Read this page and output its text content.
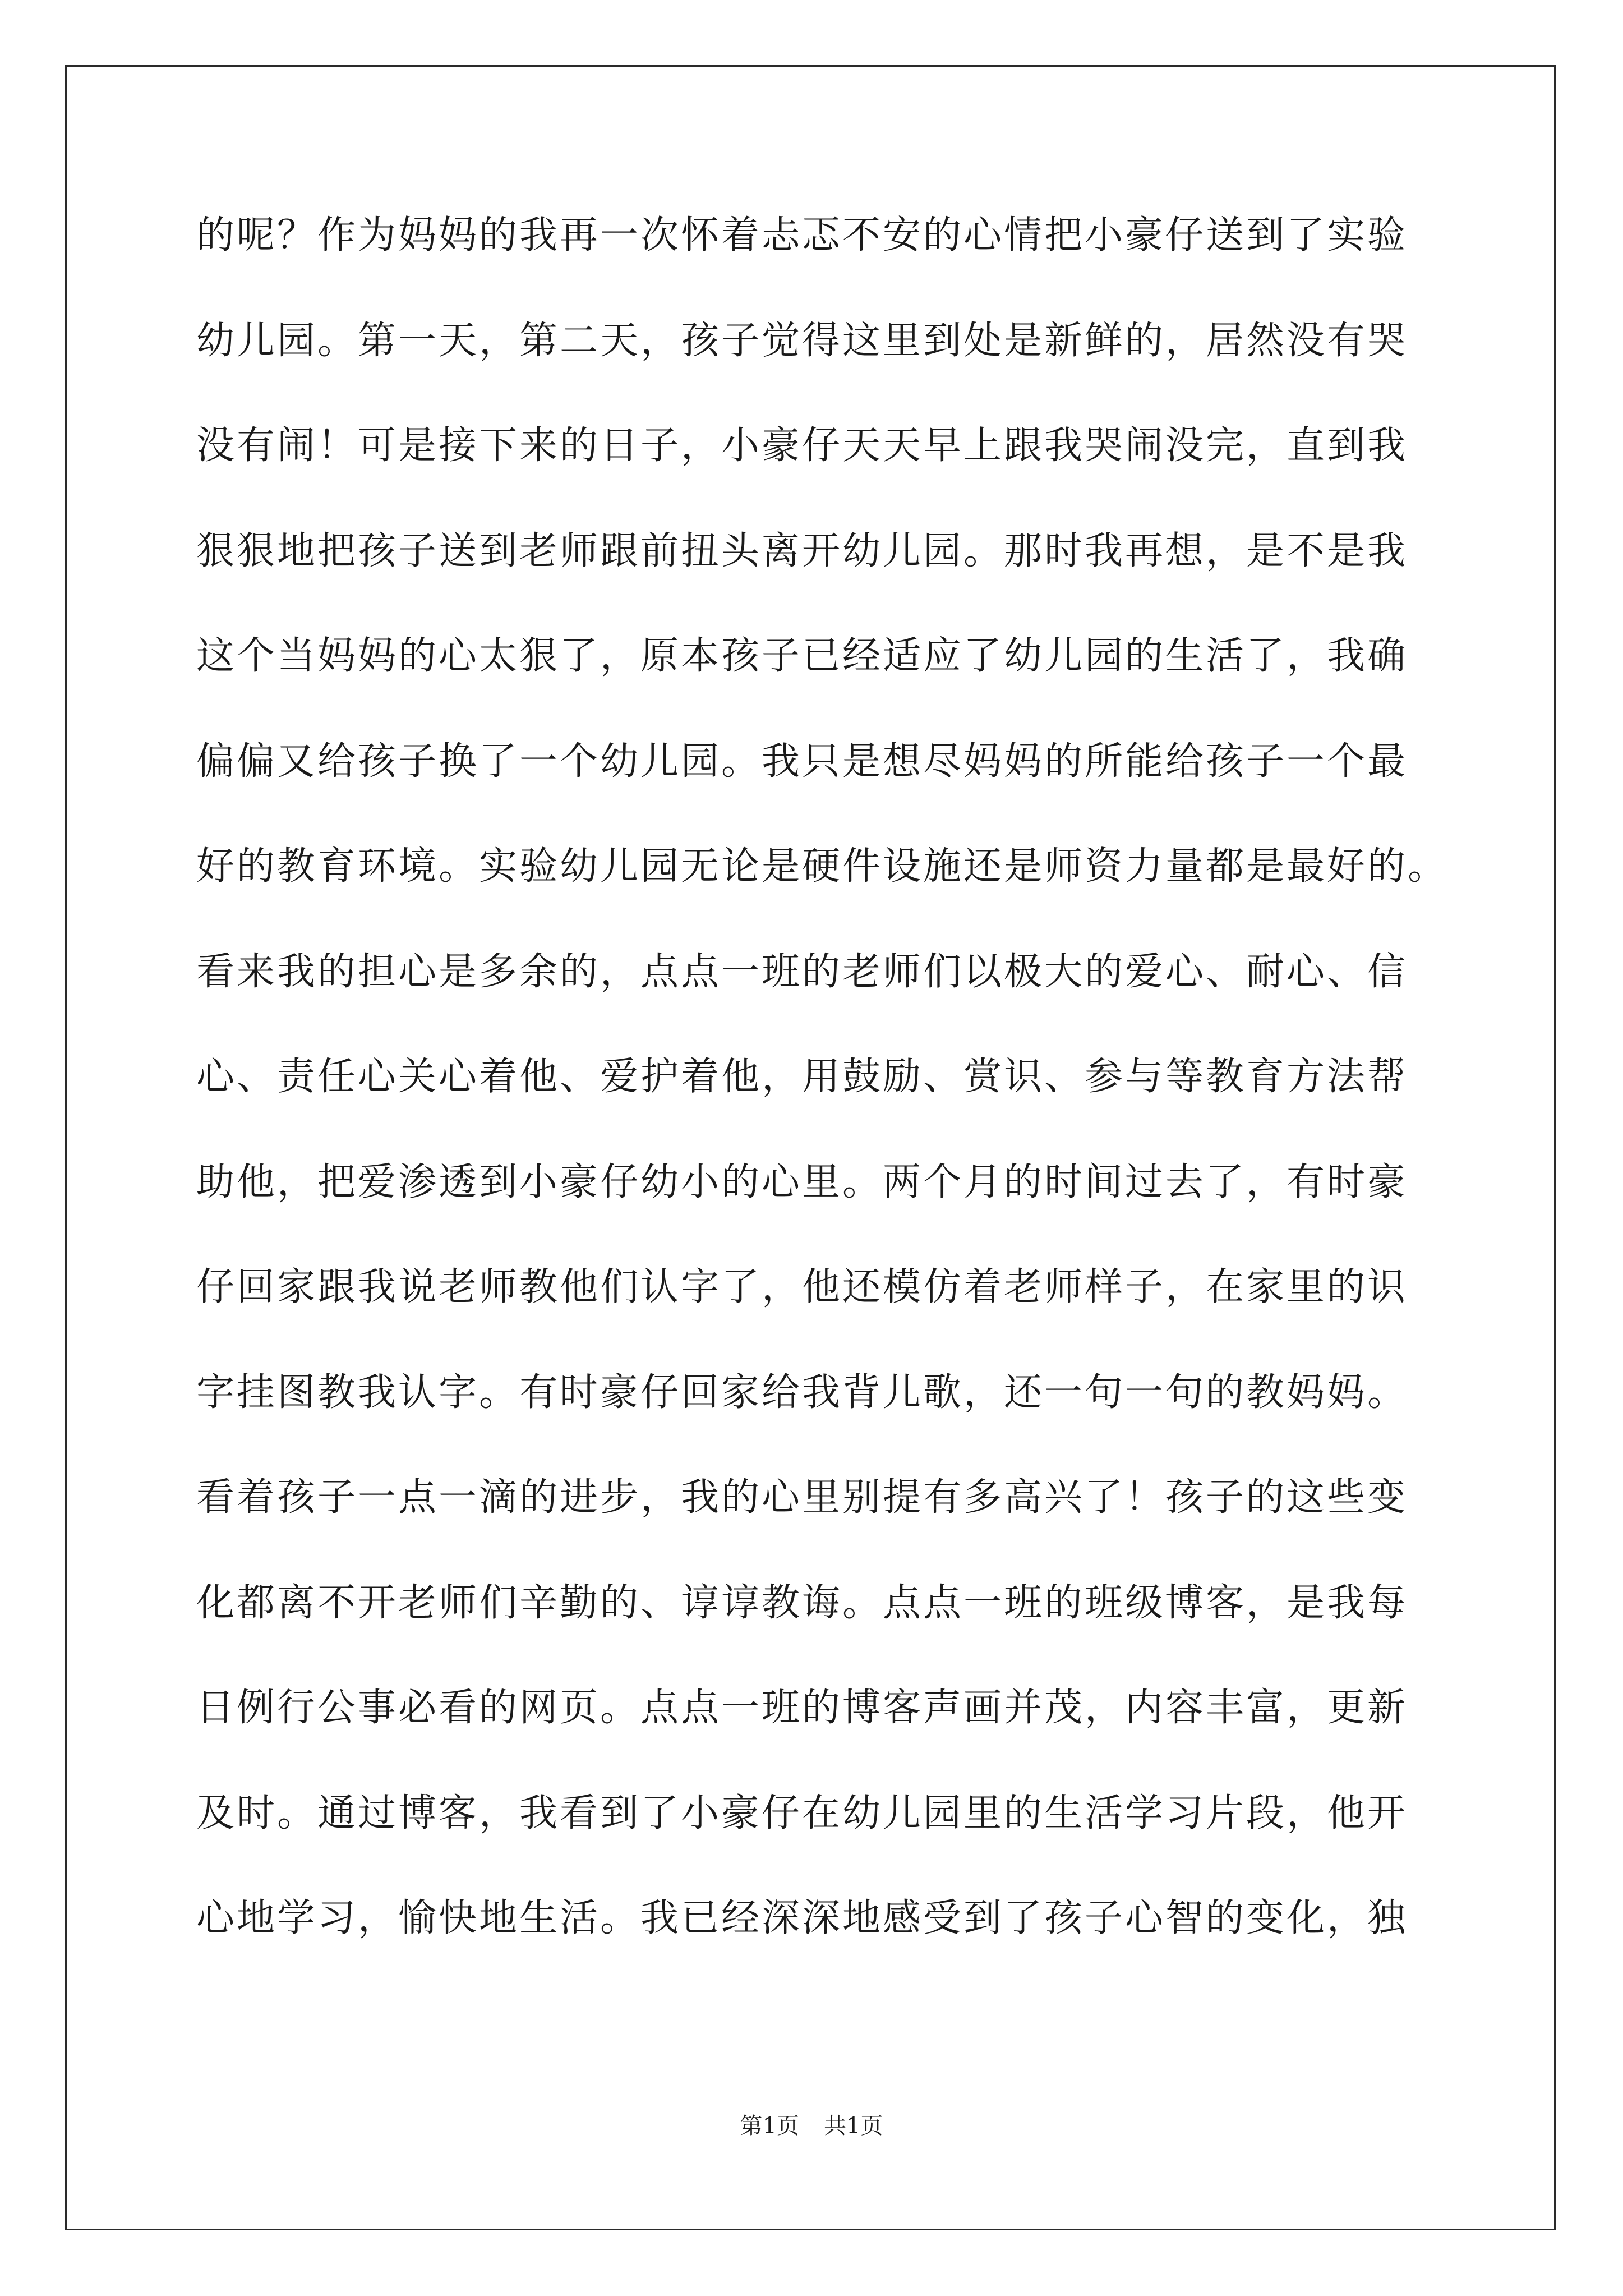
的呢？作为妈妈的我再一次怀着忐忑不安的心情把小豪仔送到了实验
幼儿园。第一天，第二天，孩子觉得这里到处是新鲜的，居然没有哭
没有闹！可是接下来的日子，小豪仔天天早上跟我哭闹没完，直到我
狠狠地把孩子送到老师跟前扭头离开幼儿园。那时我再想，是不是我
这个当妈妈的心太狠了，原本孩子已经适应了幼儿园的生活了，我确
偏偏又给孩子换了一个幼儿园。我只是想尽妈妈的所能给孩子一个最
好的教育环境。实验幼儿园无论是硬件设施还是师资力量都是最好的。
看来我的担心是多余的，点点一班的老师们以极大的爱心、耐心、信
心、责任心关心着他、爱护着他，用鼓励、赏识、参与等教育方法帮
助他，把爱渗透到小豪仔幼小的心里。两个月的时间过去了，有时豪
仔回家跟我说老师教他们认字了，他还模仿着老师样子，在家里的识
字挂图教我认字。有时豪仔回家给我背儿歌，还一句一句的教妈妈。
看着孩子一点一滴的进步，我的心里别提有多高兴了！孩子的这些变
化都离不开老师们辛勤的、谆谆教诲。点点一班的班级博客，是我每
日例行公事必看的网页。点点一班的博客声画并茂，内容丰富，更新
及时。通过博客，我看到了小豪仔在幼儿园里的生活学习片段，他开
心地学习，愉快地生活。我已经深深地感受到了孩子心智的变化，独
第1页 共1页
